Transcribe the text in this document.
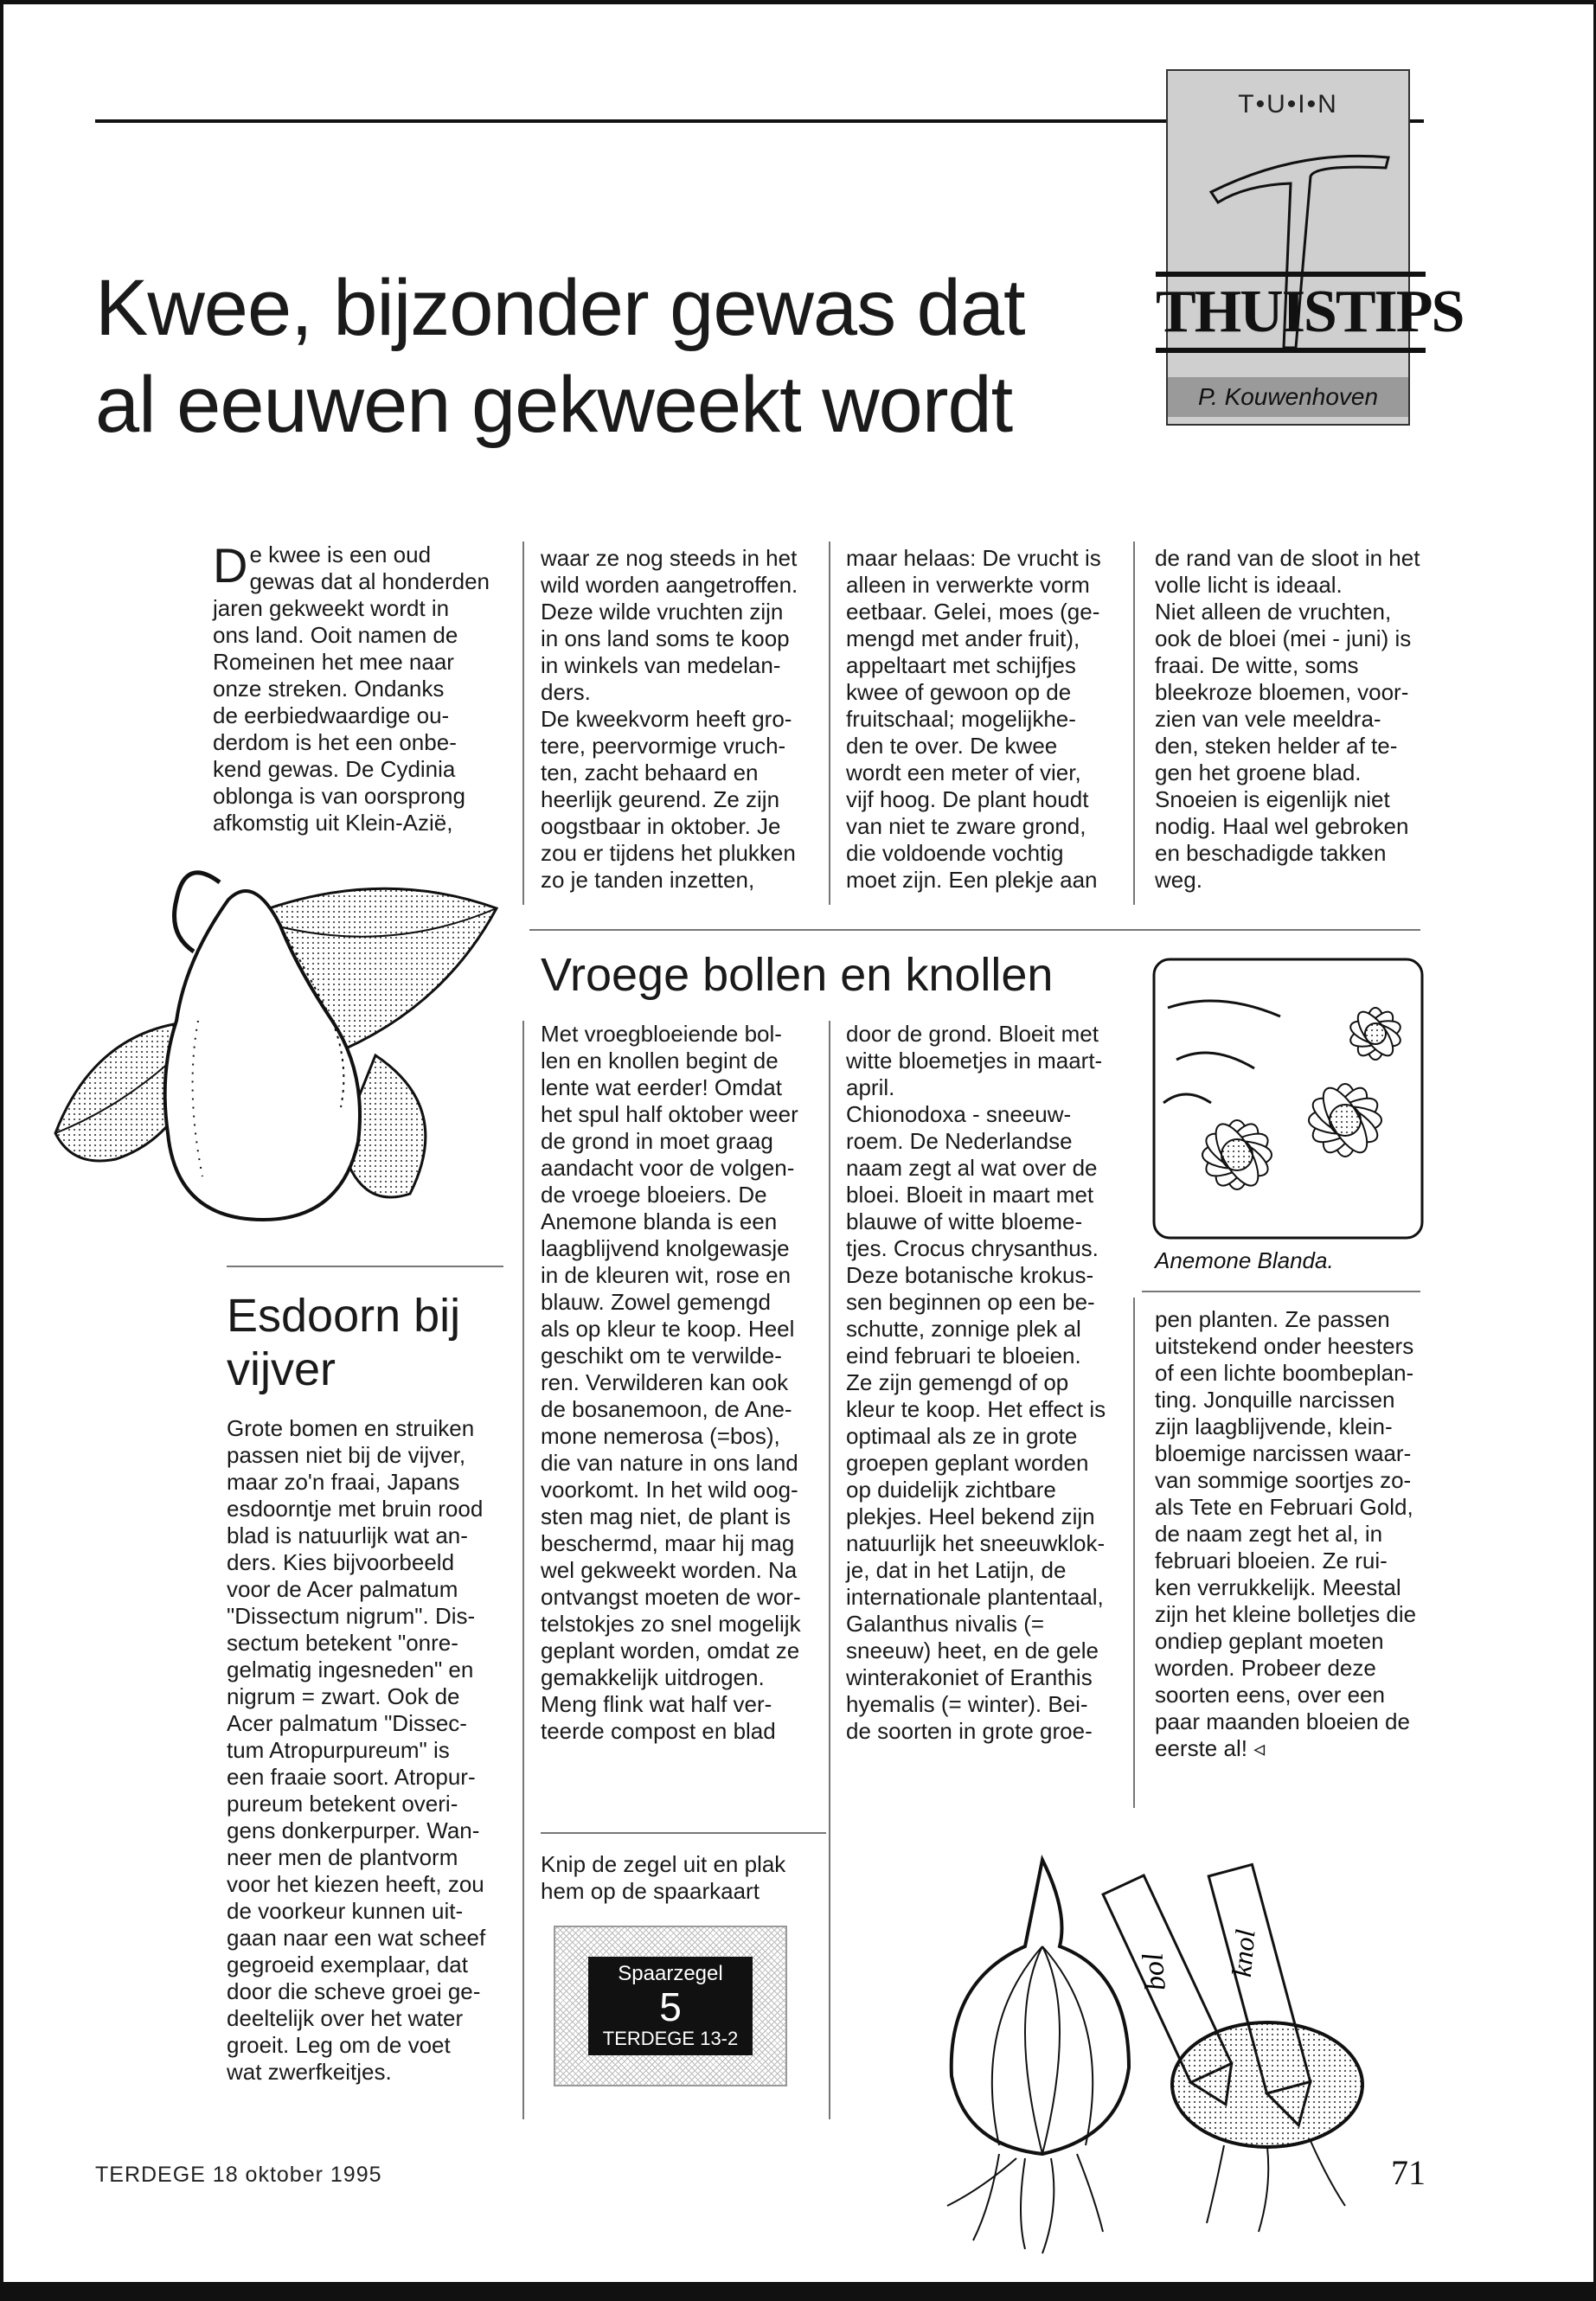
Kwee, bijzonder gewas dat
al eeuwen gekweekt wordt
T•U•I•N
THUISTIPS
P. Kouwenhoven
De kwee is een oud
gewas dat al honderden
jaren gekweekt wordt in
ons land. Ooit namen de
Romeinen het mee naar
onze streken. Ondanks
de eerbiedwaardige ou-
derdom is het een onbe-
kend gewas. De Cydinia
oblonga is van oorsprong
afkomstig uit Klein-Azië,
waar ze nog steeds in het
wild worden aangetroffen.
Deze wilde vruchten zijn
in ons land soms te koop
in winkels van medelan-
ders.
De kweekvorm heeft gro-
tere, peervormige vruch-
ten, zacht behaard en
heerlijk geurend. Ze zijn
oogstbaar in oktober. Je
zou er tijdens het plukken
zo je tanden inzetten,
maar helaas: De vrucht is
alleen in verwerkte vorm
eetbaar. Gelei, moes (ge-
mengd met ander fruit),
appeltaart met schijfjes
kwee of gewoon op de
fruitschaal; mogelijkhe-
den te over. De kwee
wordt een meter of vier,
vijf hoog. De plant houdt
van niet te zware grond,
die voldoende vochtig
moet zijn. Een plekje aan
de rand van de sloot in het
volle licht is ideaal.
Niet alleen de vruchten,
ook de bloei (mei - juni) is
fraai. De witte, soms
bleekroze bloemen, voor-
zien van vele meeldra-
den, steken helder af te-
gen het groene blad.
Snoeien is eigenlijk niet
nodig. Haal wel gebroken
en beschadigde takken
weg.
Esdoorn bij
vijver
Grote bomen en struiken
passen niet bij de vijver,
maar zo'n fraai, Japans
esdoorntje met bruin rood
blad is natuurlijk wat an-
ders. Kies bijvoorbeeld
voor de Acer palmatum
"Dissectum nigrum". Dis-
sectum betekent "onre-
gelmatig ingesneden" en
nigrum = zwart. Ook de
Acer palmatum "Dissec-
tum Atropurpureum" is
een fraaie soort. Atropur-
pureum betekent overi-
gens donkerpurper. Wan-
neer men de plantvorm
voor het kiezen heeft, zou
de voorkeur kunnen uit-
gaan naar een wat scheef
gegroeid exemplaar, dat
door die scheve groei ge-
deeltelijk over het water
groeit. Leg om de voet
wat zwerfkeitjes.
Vroege bollen en knollen
Met vroegbloeiende bol-
len en knollen begint de
lente wat eerder! Omdat
het spul half oktober weer
de grond in moet graag
aandacht voor de volgen-
de vroege bloeiers. De
Anemone blanda is een
laagblijvend knolgewasje
in de kleuren wit, rose en
blauw. Zowel gemengd
als op kleur te koop. Heel
geschikt om te verwilde-
ren. Verwilderen kan ook
de bosanemoon, de Ane-
mone nemerosa (=bos),
die van nature in ons land
voorkomt. In het wild oog-
sten mag niet, de plant is
beschermd, maar hij mag
wel gekweekt worden. Na
ontvangst moeten de wor-
telstokjes zo snel mogelijk
geplant worden, omdat ze
gemakkelijk uitdrogen.
Meng flink wat half ver-
teerde compost en blad
door de grond. Bloeit met
witte bloemetjes in maart-
april.
Chionodoxa - sneeuw-
roem. De Nederlandse
naam zegt al wat over de
bloei. Bloeit in maart met
blauwe of witte bloeme-
tjes. Crocus chrysanthus.
Deze botanische krokus-
sen beginnen op een be-
schutte, zonnige plek al
eind februari te bloeien.
Ze zijn gemengd of op
kleur te koop. Het effect is
optimaal als ze in grote
groepen geplant worden
op duidelijk zichtbare
plekjes. Heel bekend zijn
natuurlijk het sneeuwklok-
je, dat in het Latijn, de
internationale plantentaal,
Galanthus nivalis (=
sneeuw) heet, en de gele
winterakoniet of Eranthis
hyemalis (= winter). Bei-
de soorten in grote groe-
pen planten. Ze passen
uitstekend onder heesters
of een lichte boombeplan-
ting. Jonquille narcissen
zijn laagblijvende, klein-
bloemige narcissen waar-
van sommige soortjes zo-
als Tete en Februari Gold,
de naam zegt het al, in
februari bloeien. Ze rui-
ken verrukkelijk. Meestal
zijn het kleine bolletjes die
ondiep geplant moeten
worden. Probeer deze
soorten eens, over een
paar maanden bloeien de
eerste al! ◃
Anemone Blanda.
Knip de zegel uit en plak
hem op de spaarkaart
Spaarzegel
5
TERDEGE 13-2
bol knol
TERDEGE 18 oktober 1995	71
